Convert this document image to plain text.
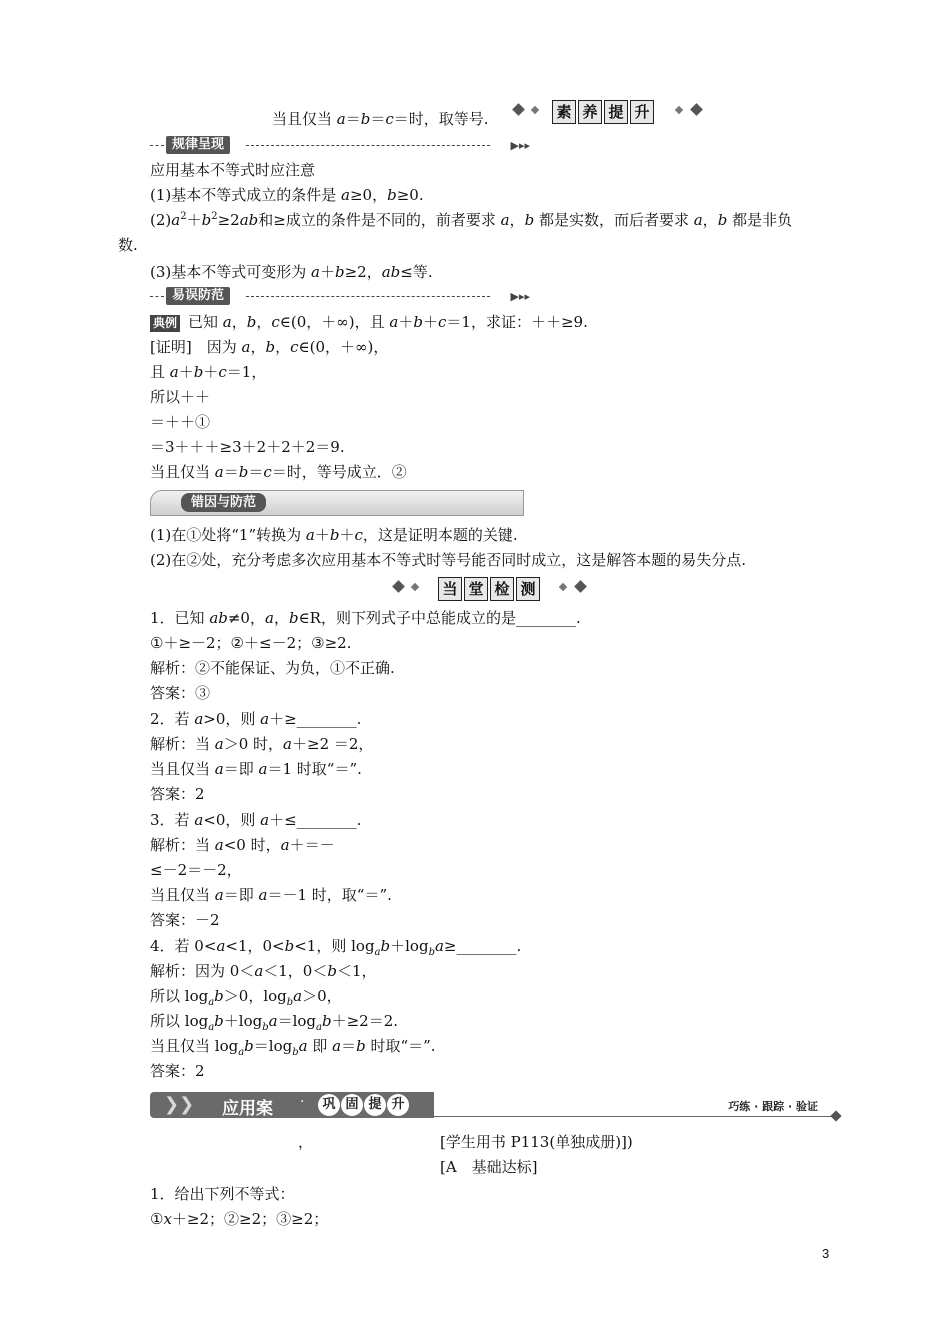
当且仅当 a＝b＝c＝时，取等号.	素 养 提 升
规律呈现	▶▸▸
应用基本不等式时应注意
(1)基本不等式成立的条件是 a≥0，b≥0.
$(2)a^2+b^2\ge 2ab$和≥成立的条件是不同的，前者要求 a，b 都是实数，而后者要求 a，b 都是非负
数.
(3)基本不等式可变形为 a＋b≥2，ab≤等.
易误防范	▶▸▸
典例 已知 a，b，c∈(0，＋∞)，且 a＋b＋c＝1，求证：＋＋≥9.
[证明]　因为 a，b，c∈(0，＋∞)，
且 a＋b＋c＝1，
所以＋＋
＝＋＋①
＝3＋＋＋≥3＋2＋2＋2＝9.
当且仅当 a＝b＝c＝时，等号成立．②
错因与防范
(1)在①处将“1”转换为 a＋b＋c，这是证明本题的关键.
(2)在②处，充分考虑多次应用基本不等式时等号能否同时成立，这是解答本题的易失分点.
当 堂 检 测
1．已知 ab≠0，a，b∈R，则下列式子中总能成立的是________.
①＋≥－2；②＋≤－2；③≥2.
解析：②不能保证、为负，①不正确.
答案：③
2．若 a>0，则 a＋≥________.
解析：当 a＞0 时，a＋≥2 ＝2，
当且仅当 a＝即 a＝1 时取“＝”.
答案：2
3．若 a<0，则 a＋≤________.
解析：当 a<0 时，a＋＝－
≤－2＝－2，
当且仅当 a＝即 a＝－1 时，取“＝”.
答案：－2
4．若 0<a<1，0<b<1，则 $\log_ab+\log_ba\ge\_\_\_\_\_\_\_\_$.
解析：因为 0＜a＜1，0＜b＜1，
所以 $\log_ab>0$，$\log_ba>0$，
所以 $\log_ab+\log_ba=\log_ab+\ge 2=2$.
当且仅当 $\log_ab=\log_ba$ 即 a＝b 时取“＝”.
答案：2
❯❯ 应用案 ·	巩 固 提 升	巧练 · 跟踪 · 验证
，	[学生用书 P113(单独成册)])
[A　基础达标]
1．给出下列不等式：
①x＋≥2；②≥2；③≥2；
3
